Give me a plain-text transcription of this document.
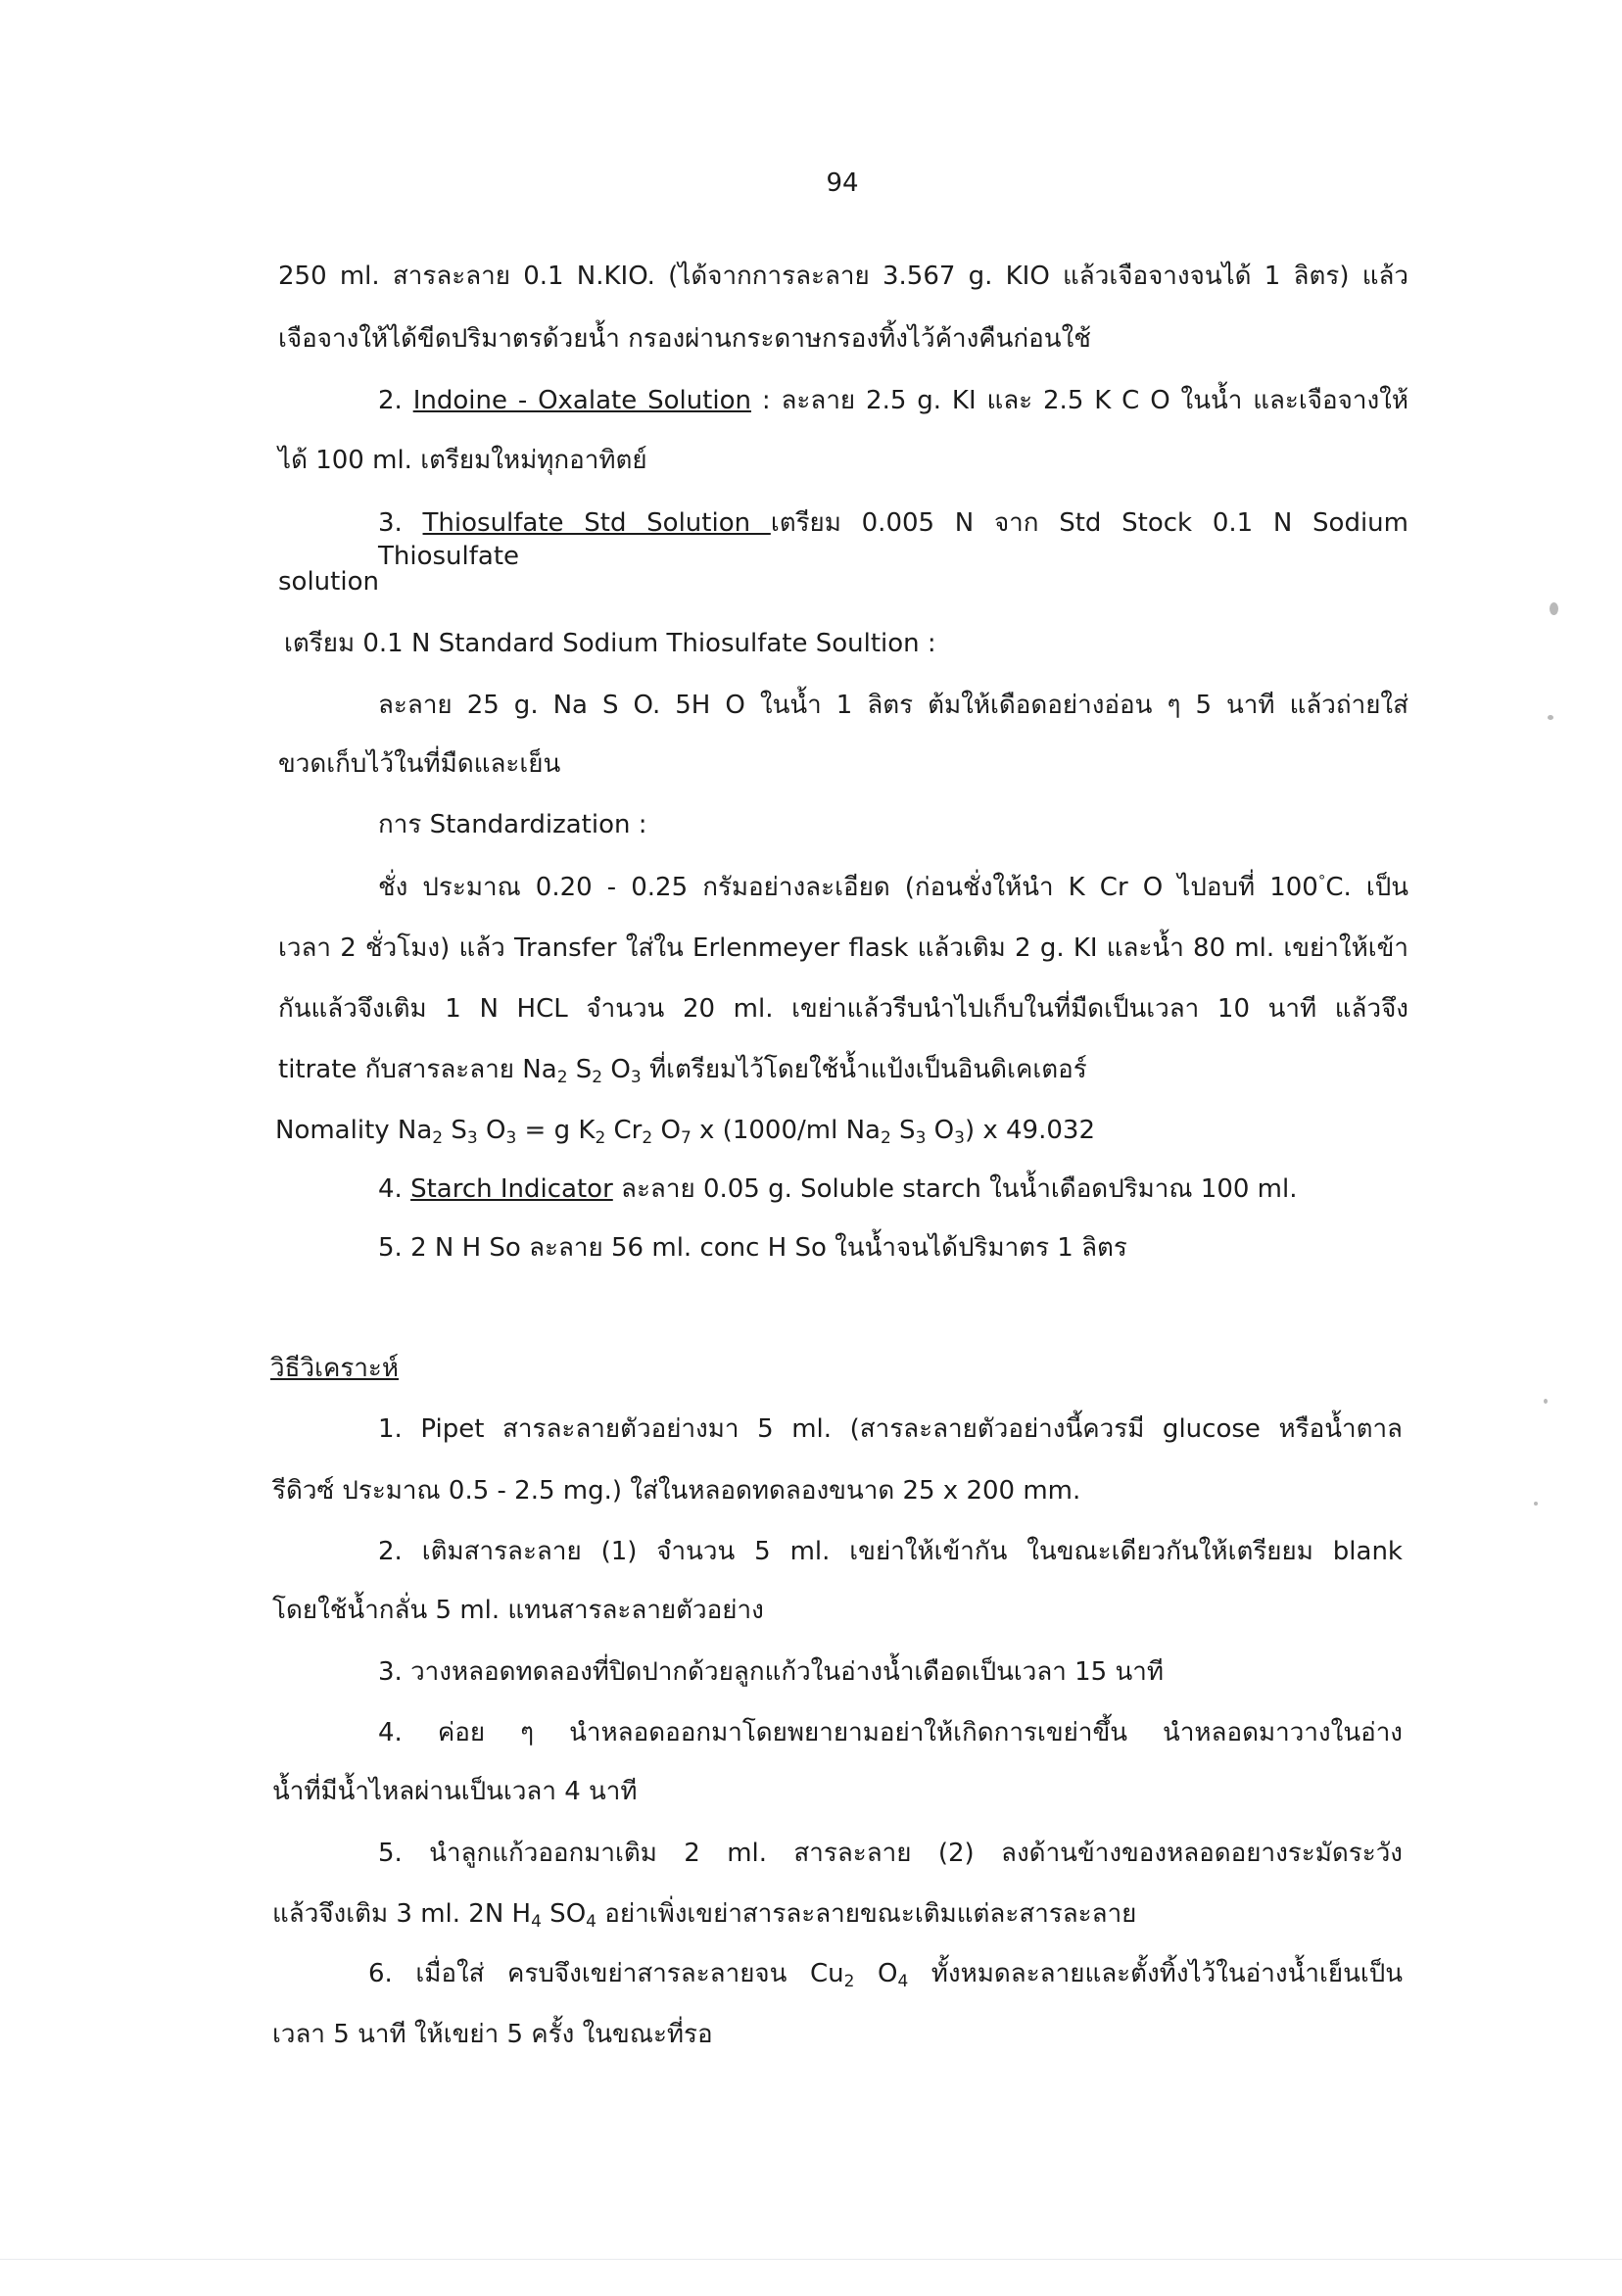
94
250 ml. สารละลาย 0.1 N.KIO. (ได้จากการละลาย 3.567 g. KIO แล้วเจือจางจนได้ 1 ลิตร) แล้ว
เจือจางให้ได้ขีดปริมาตรด้วยน้ำ กรองผ่านกระดาษกรองทิ้งไว้ค้างคืนก่อนใช้
2. Indoine - Oxalate Solution : ละลาย 2.5 g. KI และ 2.5 K C O ในน้ำ และเจือจางให้
ได้ 100 ml. เตรียมใหม่ทุกอาทิตย์
3. Thiosulfate Std Solution เตรียม 0.005 N จาก Std Stock 0.1 N Sodium Thiosulfate
solution
เตรียม 0.1 N Standard Sodium Thiosulfate Soultion :
ละลาย 25 g. Na S O. 5H O ในน้ำ 1 ลิตร ต้มให้เดือดอย่างอ่อน ๆ 5 นาที แล้วถ่ายใส่
ขวดเก็บไว้ในที่มืดและเย็น
การ Standardization :
ชั่ง ประมาณ 0.20 - 0.25 กรัมอย่างละเอียด (ก่อนชั่งให้นำ K Cr O ไปอบที่ 100°C. เป็น
เวลา 2 ชั่วโมง) แล้ว Transfer ใส่ใน Erlenmeyer flask แล้วเติม 2 g. KI และน้ำ 80 ml. เขย่าให้เข้า
กันแล้วจึงเติม 1 N HCL จำนวน 20 ml. เขย่าแล้วรีบนำไปเก็บในที่มืดเป็นเวลา 10 นาที แล้วจึง
titrate กับสารละลาย $Na_2$ $S_2$ $O_3$ ที่เตรียมไว้โดยใช้น้ำแป้งเป็นอินดิเคเตอร์
Nomality $Na_2$ $S_3$ $O_3 = g$ $K_2$ $Cr_2$ $O_7$ x (1000/ml $Na_2$ $S_3$ $O_3$) x 49.032
4. Starch Indicator ละลาย 0.05 g. Soluble starch ในน้ำเดือดปริมาณ 100 ml.
5. 2 N H So ละลาย 56 ml. conc H So ในน้ำจนได้ปริมาตร 1 ลิตร
วิธีวิเคราะห์
1. Pipet สารละลายตัวอย่างมา 5 ml. (สารละลายตัวอย่างนี้ควรมี glucose หรือน้ำตาล
รีดิวซ์ ประมาณ 0.5 - 2.5 mg.) ใส่ในหลอดทดลองขนาด 25 x 200 mm.
2. เติมสารละลาย (1) จำนวน 5 ml. เขย่าให้เข้ากัน ในขณะเดียวกันให้เตรียยม blank
โดยใช้น้ำกลั่น 5 ml. แทนสารละลายตัวอย่าง
3. วางหลอดทดลองที่ปิดปากด้วยลูกแก้วในอ่างน้ำเดือดเป็นเวลา 15 นาที
4. ค่อย ๆ นำหลอดออกมาโดยพยายามอย่าให้เกิดการเขย่าขึ้น นำหลอดมาวางในอ่าง
น้ำที่มีน้ำไหลผ่านเป็นเวลา 4 นาที
5. นำลูกแก้วออกมาเติม 2 ml. สารละลาย (2) ลงด้านข้างของหลอดอยางระมัดระวัง
แล้วจึงเติม 3 ml. 2N $H_4$ $SO_4$ อย่าเพิ่งเขย่าสารละลายขณะเติมแต่ละสารละลาย
6. เมื่อใส่ ครบจึงเขย่าสารละลายจน $Cu_2$ $O_4$ ทั้งหมดละลายและตั้งทิ้งไว้ในอ่างน้ำเย็นเป็น
เวลา 5 นาที ให้เขย่า 5 ครั้ง ในขณะที่รอ
